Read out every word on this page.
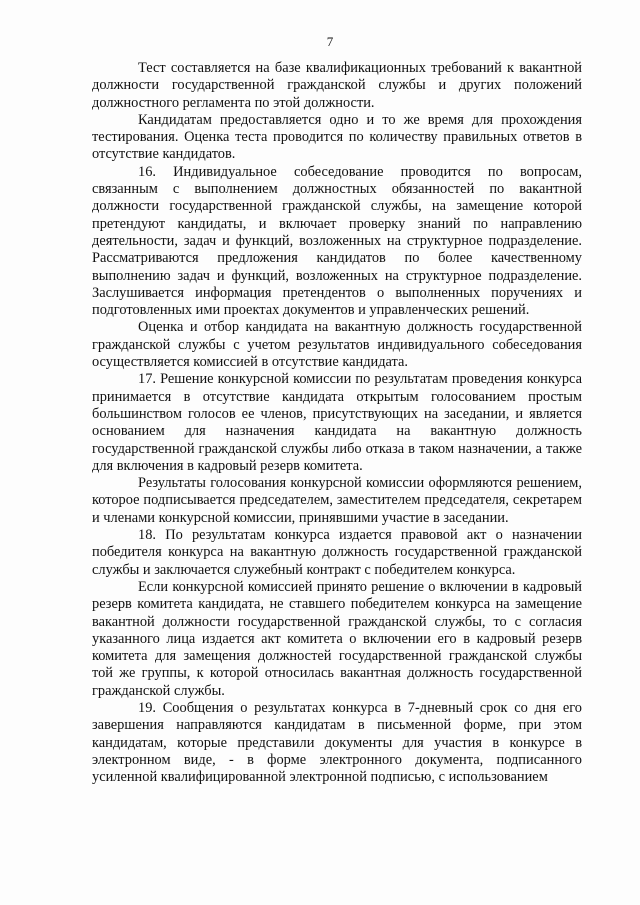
7

Тест составляется на базе квалификационных требований к вакантной должности государственной гражданской службы и других положений должностного регламента по этой должности.

Кандидатам предоставляется одно и то же время для прохождения тестирования. Оценка теста проводится по количеству правильных ответов в отсутствие кандидатов.

16. Индивидуальное собеседование проводится по вопросам, связанным с выполнением должностных обязанностей по вакантной должности государственной гражданской службы, на замещение которой претендуют кандидаты, и включает проверку знаний по направлению деятельности, задач и функций, возложенных на структурное подразделение. Рассматриваются предложения кандидатов по более качественному выполнению задач и функций, возложенных на структурное подразделение. Заслушивается информация претендентов о выполненных поручениях и подготовленных ими проектах документов и управленческих решений.

Оценка и отбор кандидата на вакантную должность государственной гражданской службы с учетом результатов индивидуального собеседования осуществляется комиссией в отсутствие кандидата.

17. Решение конкурсной комиссии по результатам проведения конкурса принимается в отсутствие кандидата открытым голосованием простым большинством голосов ее членов, присутствующих на заседании, и является основанием для назначения кандидата на вакантную должность государственной гражданской службы либо отказа в таком назначении, а также для включения в кадровый резерв комитета.

Результаты голосования конкурсной комиссии оформляются решением, которое подписывается председателем, заместителем председателя, секретарем и членами конкурсной комиссии, принявшими участие в заседании.

18. По результатам конкурса издается правовой акт о назначении победителя конкурса на вакантную должность государственной гражданской службы и заключается служебный контракт с победителем конкурса.

Если конкурсной комиссией принято решение о включении в кадровый резерв комитета кандидата, не ставшего победителем конкурса на замещение вакантной должности государственной гражданской службы, то с согласия указанного лица издается акт комитета о включении его в кадровый резерв комитета для замещения должностей государственной гражданской службы той же группы, к которой относилась вакантная должность государственной гражданской службы.

19. Сообщения о результатах конкурса в 7-дневный срок со дня его завершения направляются кандидатам в письменной форме, при этом кандидатам, которые представили документы для участия в конкурсе в электронном виде, - в форме электронного документа, подписанного усиленной квалифицированной электронной подписью, с использованием
